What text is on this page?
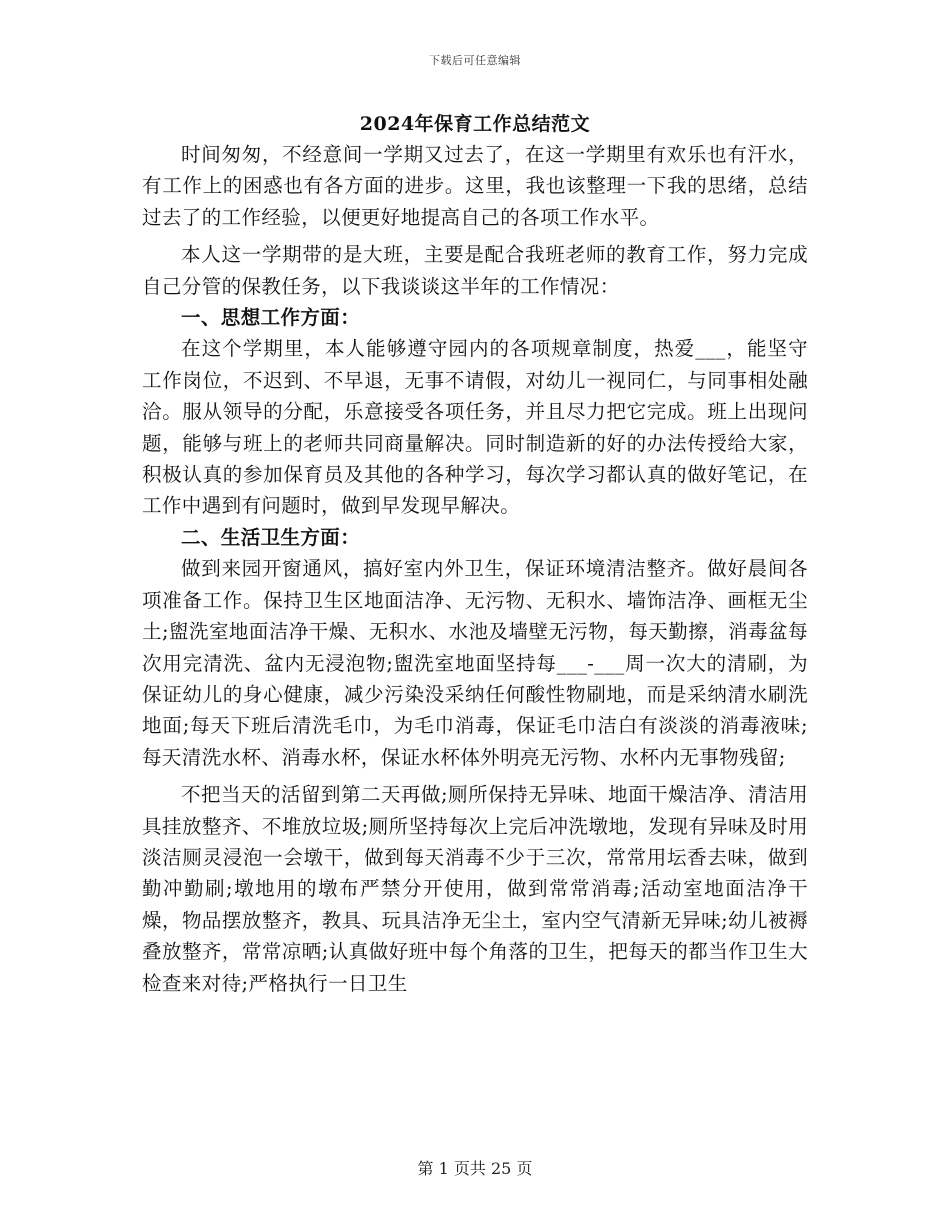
下载后可任意编辑
2024年保育工作总结范文

时间匆匆，不经意间一学期又过去了，在这一学期里有欢乐也有汗水，有工作上的困惑也有各方面的进步。这里，我也该整理一下我的思绪，总结过去了的工作经验，以便更好地提高自己的各项工作水平。

本人这一学期带的是大班，主要是配合我班老师的教育工作，努力完成自己分管的保教任务，以下我谈谈这半年的工作情况：

一、思想工作方面：

在这个学期里，本人能够遵守园内的各项规章制度，热爱___，能坚守工作岗位，不迟到、不早退，无事不请假，对幼儿一视同仁，与同事相处融洽。服从领导的分配，乐意接受各项任务，并且尽力把它完成。班上出现问题，能够与班上的老师共同商量解决。同时制造新的好的办法传授给大家，积极认真的参加保育员及其他的各种学习，每次学习都认真的做好笔记，在工作中遇到有问题时，做到早发现早解决。

二、生活卫生方面：

做到来园开窗通风，搞好室内外卫生，保证环境清洁整齐。做好晨间各项准备工作。保持卫生区地面洁净、无污物、无积水、墙饰洁净、画框无尘土;盥洗室地面洁净干燥、无积水、水池及墙壁无污物，每天勤擦，消毒盆每次用完清洗、盆内无浸泡物;盥洗室地面坚持每___-___周一次大的清刷，为保证幼儿的身心健康，减少污染没采纳任何酸性物刷地，而是采纳清水刷洗地面;每天下班后清洗毛巾，为毛巾消毒，保证毛巾洁白有淡淡的消毒液味;每天清洗水杯、消毒水杯，保证水杯体外明亮无污物、水杯内无事物残留;

不把当天的活留到第二天再做;厕所保持无异味、地面干燥洁净、清洁用具挂放整齐、不堆放垃圾;厕所坚持每次上完后冲洗墩地，发现有异味及时用淡洁厕灵浸泡一会墩干，做到每天消毒不少于三次，常常用坛香去味，做到勤冲勤刷;墩地用的墩布严禁分开使用，做到常常消毒;活动室地面洁净干燥，物品摆放整齐，教具、玩具洁净无尘土，室内空气清新无异味;幼儿被褥叠放整齐，常常凉晒;认真做好班中每个角落的卫生，把每天的都当作卫生大检查来对待;严格执行一日卫生

第 1 页共 25 页
